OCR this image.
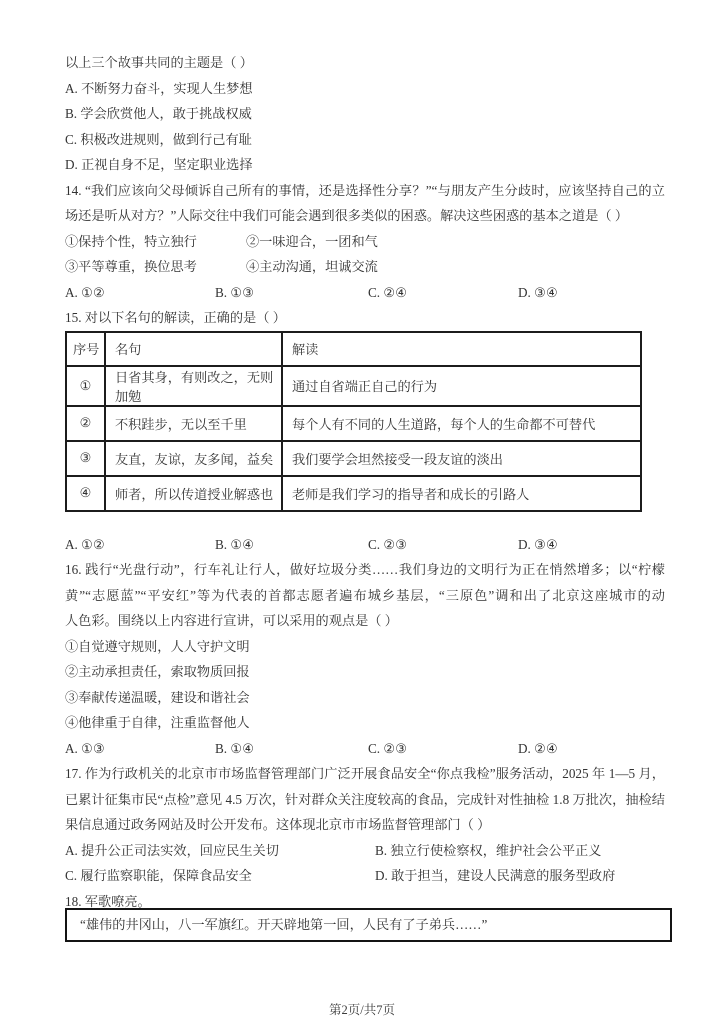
以上三个故事共同的主题是（ ）
A. 不断努力奋斗，实现人生梦想
B. 学会欣赏他人，敢于挑战权威
C. 积极改进规则，做到行己有耻
D. 正视自身不足，坚定职业选择
14. “我们应该向父母倾诉自己所有的事情，还是选择性分享？”“与朋友产生分歧时，应该坚持自己的立
场还是听从对方？”人际交往中我们可能会遇到很多类似的困惑。解决这些困惑的基本之道是（ ）
①保持个性，特立独行	②一味迎合，一团和气
③平等尊重，换位思考	④主动沟通，坦诚交流
A. ①②	B. ①③	C. ②④	D. ③④
15. 对以下名句的解读，正确的是（ ）
序号	名句	解读
①	日省其身，有则改之，无则加勉	通过自省端正自己的行为
②	不积跬步，无以至千里	每个人有不同的人生道路，每个人的生命都不可替代
③	友直，友谅，友多闻，益矣	我们要学会坦然接受一段友谊的淡出
④	师者，所以传道授业解惑也	老师是我们学习的指导者和成长的引路人
A. ①②	B. ①④	C. ②③	D. ③④
16. 践行“光盘行动”，行车礼让行人，做好垃圾分类……我们身边的文明行为正在悄然增多；以“柠檬
黄”“志愿蓝”“平安红”等为代表的首都志愿者遍布城乡基层，“三原色”调和出了北京这座城市的动
人色彩。围绕以上内容进行宣讲，可以采用的观点是（ ）
①自觉遵守规则，人人守护文明
②主动承担责任，索取物质回报
③奉献传递温暖，建设和谐社会
④他律重于自律，注重监督他人
A. ①③	B. ①④	C. ②③	D. ②④
17. 作为行政机关的北京市市场监督管理部门广泛开展食品安全“你点我检”服务活动，2025 年 1—5 月，
已累计征集市民“点检”意见 4.5 万次，针对群众关注度较高的食品，完成针对性抽检 1.8 万批次，抽检结
果信息通过政务网站及时公开发布。这体现北京市市场监督管理部门（ ）
A. 提升公正司法实效，回应民生关切	B. 独立行使检察权，维护社会公平正义
C. 履行监察职能，保障食品安全	D. 敢于担当，建设人民满意的服务型政府
18. 军歌嘹亮。
“雄伟的井冈山，八一军旗红。开天辟地第一回，人民有了子弟兵……”
第2页/共7页
